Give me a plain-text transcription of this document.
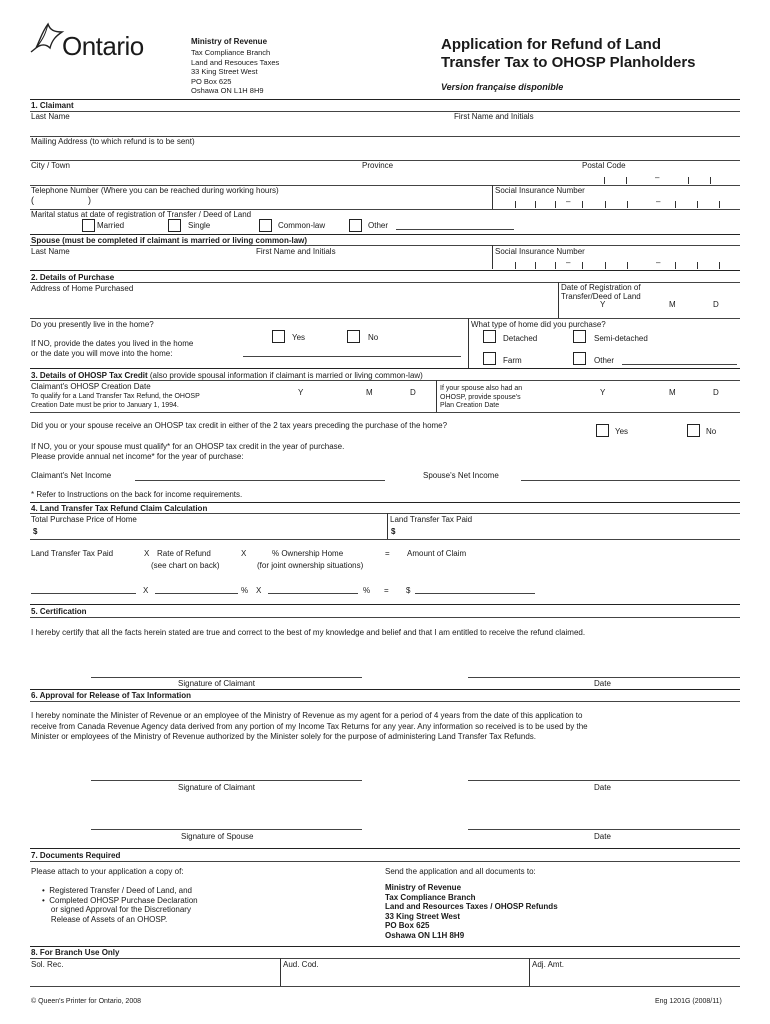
Ontario	Ministry of Revenue
Tax Compliance Branch
Land and Resouces Taxes
33 King Street West
PO Box 625
Oshawa ON L1H 8H9
Application for Refund of Land
Transfer Tax to OHOSP Planholders
Version française disponible
1. Claimant
Last Name	First Name and Initials
Mailing Address (to which refund is to be sent)
City / Town	Province	Postal Code
–
Telephone Number (Where you can be reached during working hours)
(	)
Social Insurance Number
–	–
Marital status at date of registration of Transfer / Deed of Land
Married	Single	Common-law	Other
Spouse (must be completed if claimant is married or living common-law)
Last Name	First Name and Initials	Social Insurance Number
–	–
2. Details of Purchase
Address of Home Purchased	Date of Registration of
Transfer/Deed of Land
Y	M	D
Do you presently live in the home?
Yes	No
If NO, provide the dates you lived in the home
or the date you will move into the home:
What type of home did you purchase?
Detached	Semi-detached
Farm	Other
3. Details of OHOSP Tax Credit (also provide spousal information if claimant is married or living common-law)
Claimant's OHOSP Creation Date
To qualify for a Land Transfer Tax Refund, the OHOSP
Creation Date must be prior to January 1, 1994.
Y	M	D	If your spouse also had an
OHOSP, provide spouse's
Plan Creation Date
Y	M	D
Did you or your spouse receive an OHOSP tax credit in either of the 2 tax years preceding the purchase of the home?
Yes	No
If NO, you or your spouse must qualify* for an OHOSP tax credit in the year of purchase.
Please provide annual net income* for the year of purchase:
Claimant's Net Income	Spouse's Net Income
* Refer to Instructions on the back for income requirements.
4. Land Transfer Tax Refund Claim Calculation
Total Purchase Price of Home
$
Land Transfer Tax Paid
$
Land Transfer Tax Paid	X Rate of Refund	X	% Ownership Home	= Amount of Claim
(see chart on back)	(for joint ownership situations)
X	% X	% = $
5. Certification
I hereby certify that all the facts herein stated are true and correct to the best of my knowledge and belief and that I am entitled to receive the refund claimed.
Signature of Claimant	Date
6. Approval for Release of Tax Information
I hereby nominate the Minister of Revenue or an employee of the Ministry of Revenue as my agent for a period of 4 years from the date of this application to
receive from Canada Revenue Agency data derived from any portion of my Income Tax Returns for any year. Any information so received is to be used by the
Minister or employees of the Ministry of Revenue authorized by the Minister solely for the purpose of administering Land Transfer Tax Refunds.
Signature of Claimant	Date
Signature of Spouse	Date
7. Documents Required
Please attach to your application a copy of:
•  Registered Transfer / Deed of Land, and
•  Completed OHOSP Purchase Declaration
or signed Approval for the Discretionary
Release of Assets of an OHOSP.
Send the application and all documents to:
Ministry of Revenue
Tax Compliance Branch
Land and Resources Taxes / OHOSP Refunds
33 King Street West
PO Box 625
Oshawa ON L1H 8H9
8. For Branch Use Only
Sol. Rec.	Aud. Cod.	Adj. Amt.
© Queen's Printer for Ontario, 2008	Eng 1201G (2008/11)
